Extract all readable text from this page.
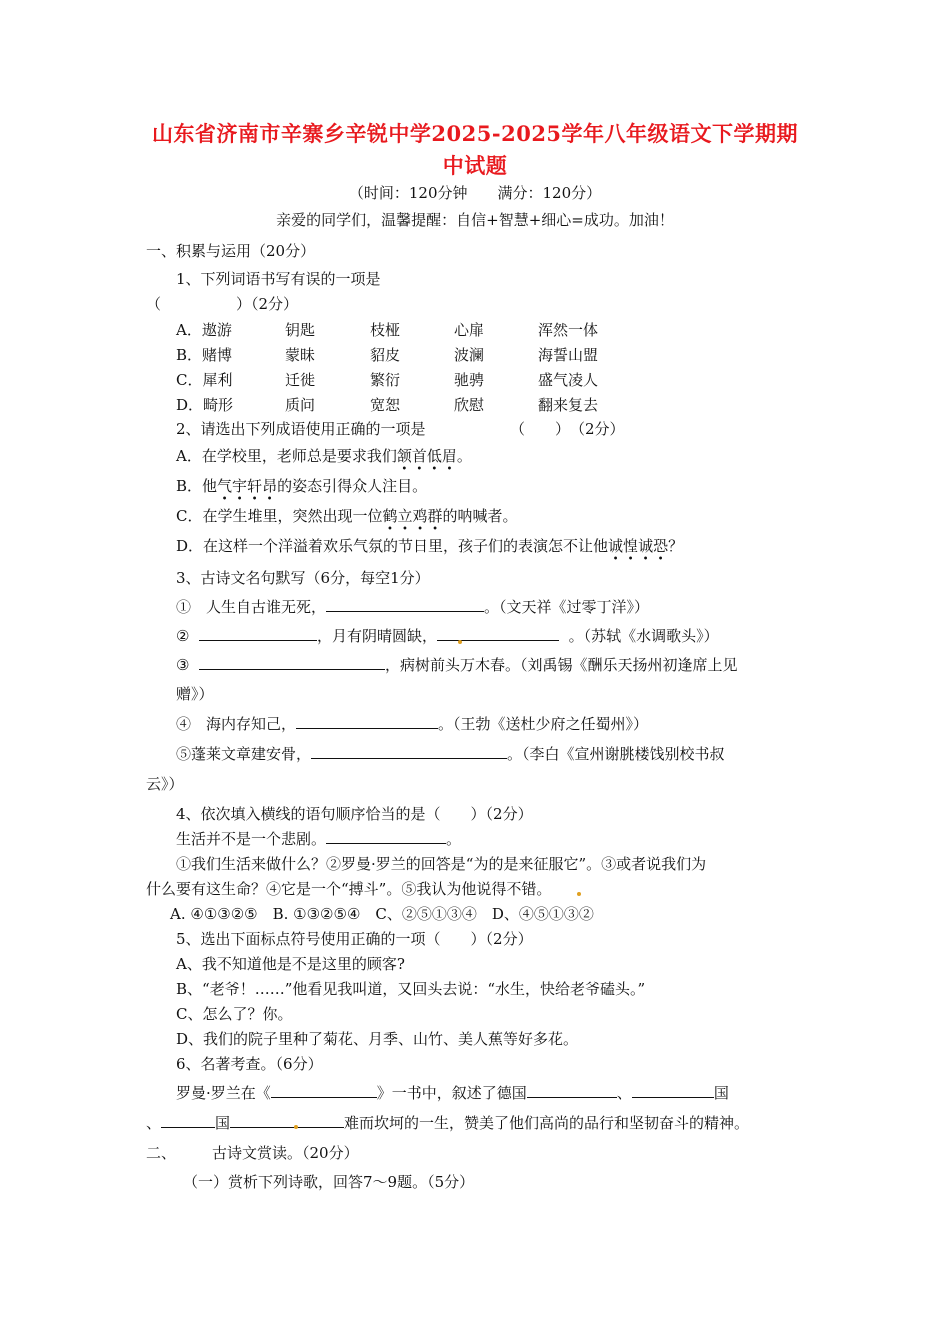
山东省济南市辛寨乡辛锐中学2025-2025学年八年级语文下学期期
中试题
（时间：120分钟　　满分：120分）
亲爱的同学们，温馨提醒：自信+智慧+细心=成功。加油！
一、积累与运用（20分）
1、下列词语书写有误的一项是
（　　　　　）（2分）
A．遨游	钥匙	枝桠	心扉	浑然一体
B．赌博	蒙昧	貂皮	波澜	海誓山盟
C．犀利	迁徙	繁衍	驰骋	盛气凌人
D．畸形	质问	宽恕	欣慰	翻来复去
2、请选出下列成语使用正确的一项是	（　　）　（2分）
A．在学校里，老师总是要求我们颔首低眉。
B．他气宇轩昂的姿态引得众人注目。
C．在学生堆里，突然出现一位鹤立鸡群的呐喊者。
D．在这样一个洋溢着欢乐气氛的节日里，孩子们的表演怎不让他诚惶诚恐？
3、古诗文名句默写（6分，每空1分）
①　人生自古谁无死，	。（文天祥《过零丁洋》）
②	，月有阴晴圆缺，	。（苏轼《水调歌头》）
③	，病树前头万木春。（刘禹锡《酬乐天扬州初逢席上见
赠》）
④　海内存知己，	。（王勃《送杜少府之任蜀州》）
⑤蓬莱文章建安骨，	。（李白《宣州谢朓楼饯别校书叔
云》）
4、依次填入横线的语句顺序恰当的是（　　）（2分）
生活并不是一个悲剧。	。
①我们生活来做什么？②罗曼·罗兰的回答是“为的是来征服它”。③或者说我们为
什么要有这生命？④它是一个“搏斗”。⑤我认为他说得不错。
A. ④①③②⑤　B. ①③②⑤④　C、②⑤①③④　D、④⑤①③②
5、选出下面标点符号使用正确的一项（　　）（2分）
A、我不知道他是不是这里的顾客?
B、“老爷！……”他看见我叫道，又回头去说：“水生，快给老爷磕头。”
C、怎么了？你。
D、我们的院子里种了菊花、月季、山竹、美人蕉等好多花。
6、名著考查。（6分）
罗曼·罗兰在《	》一书中，叙述了德国	、	国
、	国	难而坎坷的一生，赞美了他们高尚的品行和坚韧奋斗的精神。
二、 古诗文赏读。（20分）
（一）赏析下列诗歌，回答7～9题。（5分）
